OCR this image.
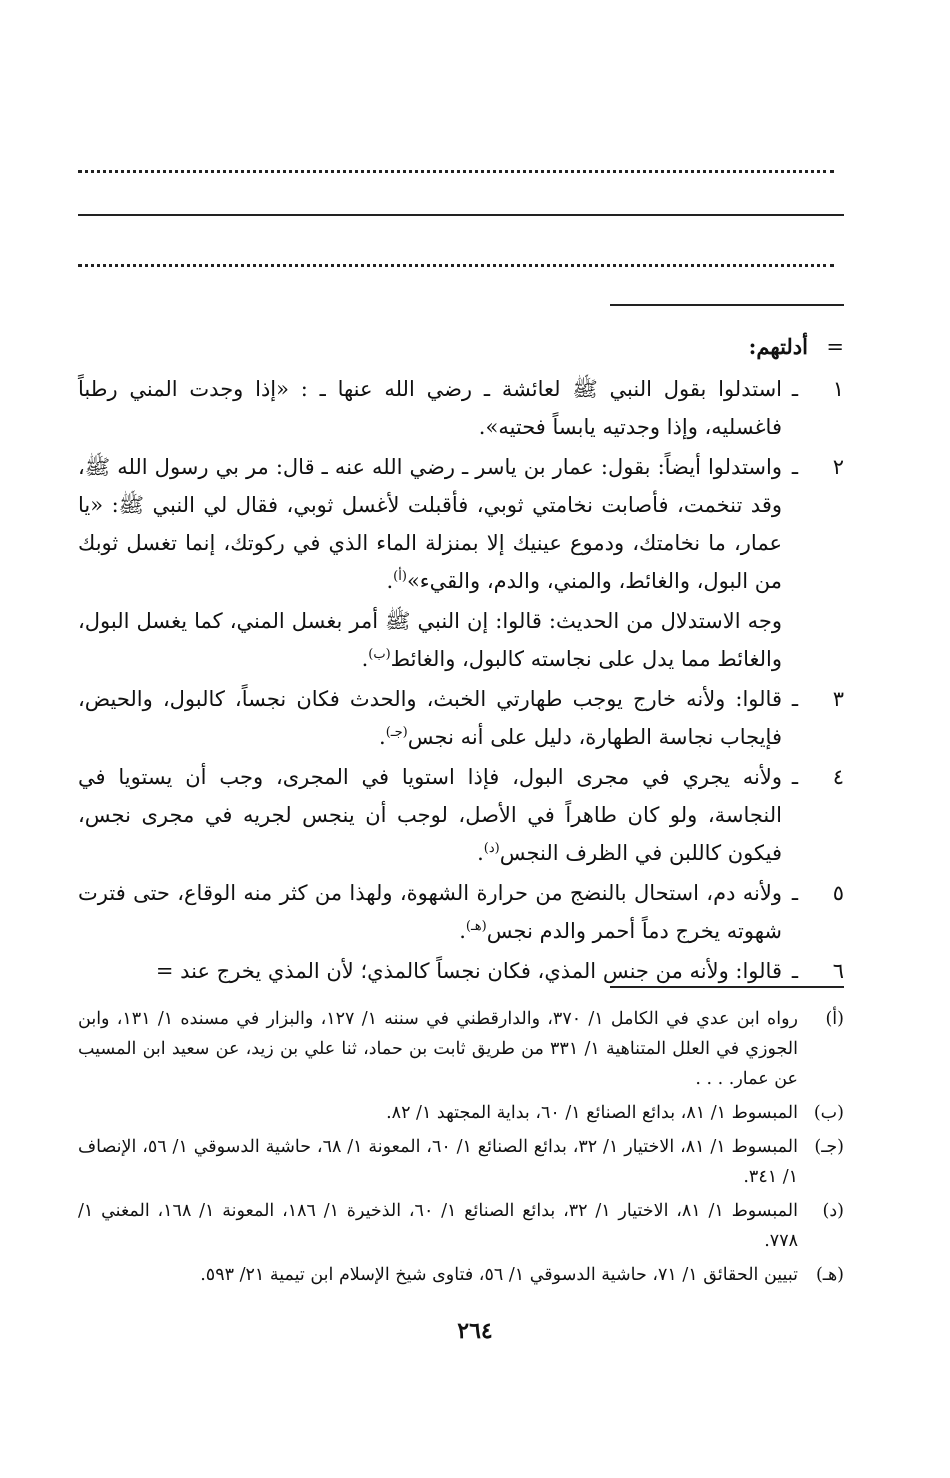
=
أدلتهم:
١
ـ
استدلوا بقول النبي ﷺ لعائشة ـ رضي الله عنها ـ : «إذا وجدت المني رطباً فاغسليه، وإذا وجدتيه يابساً فحتيه».
٢
ـ
واستدلوا أيضاً: بقول: عمار بن ياسر ـ رضي الله عنه ـ قال: مر بي رسول الله ﷺ، وقد تنخمت، فأصابت نخامتي ثوبي، فأقبلت لأغسل ثوبي، فقال لي النبي ﷺ: «يا عمار، ما نخامتك، ودموع عينيك إلا بمنزلة الماء الذي في ركوتك، إنما تغسل ثوبك من البول، والغائط، والمني، والدم، والقيء»$^{(أ)}$.
وجه الاستدلال من الحديث: قالوا: إن النبي ﷺ أمر بغسل المني، كما يغسل البول، والغائط مما يدل على نجاسته كالبول، والغائط$^{(ب)}$.
٣
ـ
قالوا: ولأنه خارج يوجب طهارتي الخبث، والحدث فكان نجساً، كالبول، والحيض، فإيجاب نجاسة الطهارة، دليل على أنه نجس$^{(جـ)}$.
٤
ـ
ولأنه يجري في مجرى البول، فإذا استويا في المجرى، وجب أن يستويا في النجاسة، ولو كان طاهراً في الأصل، لوجب أن ينجس لجريه في مجرى نجس، فيكون كاللبن في الظرف النجس$^{(د)}$.
٥
ـ
ولأنه دم، استحال بالنضج من حرارة الشهوة، ولهذا من كثر منه الوقاع، حتى فترت شهوته يخرج دماً أحمر والدم نجس$^{(هـ)}$.
٦
ـ
قالوا: ولأنه من جنس المذي، فكان نجساً كالمذي؛ لأن المذي يخرج عند =
(أ)
رواه ابن عدي في الكامل ١/ ٣٧٠، والدارقطني في سننه ١/ ١٢٧، والبزار في مسنده ١/ ١٣١، وابن الجوزي في العلل المتناهية ١/ ٣٣١ من طريق ثابت بن حماد، ثنا علي بن زيد، عن سعيد ابن المسيب عن عمار. . . .
(ب)
المبسوط ١/ ٨١، بدائع الصنائع ١/ ٦٠، بداية المجتهد ١/ ٨٢.
(جـ)
المبسوط ١/ ٨١، الاختيار ١/ ٣٢، بدائع الصنائع ١/ ٦٠، المعونة ١/ ٦٨، حاشية الدسوقي ١/ ٥٦، الإنصاف ١/ ٣٤١.
(د)
المبسوط ١/ ٨١، الاختيار ١/ ٣٢، بدائع الصنائع ١/ ٦٠، الذخيرة ١/ ١٨٦، المعونة ١/ ١٦٨، المغني ١/ ٧٧٨.
(هـ)
تبيين الحقائق ١/ ٧١، حاشية الدسوقي ١/ ٥٦، فتاوى شيخ الإسلام ابن تيمية ٢١/ ٥٩٣.
٢٦٤
